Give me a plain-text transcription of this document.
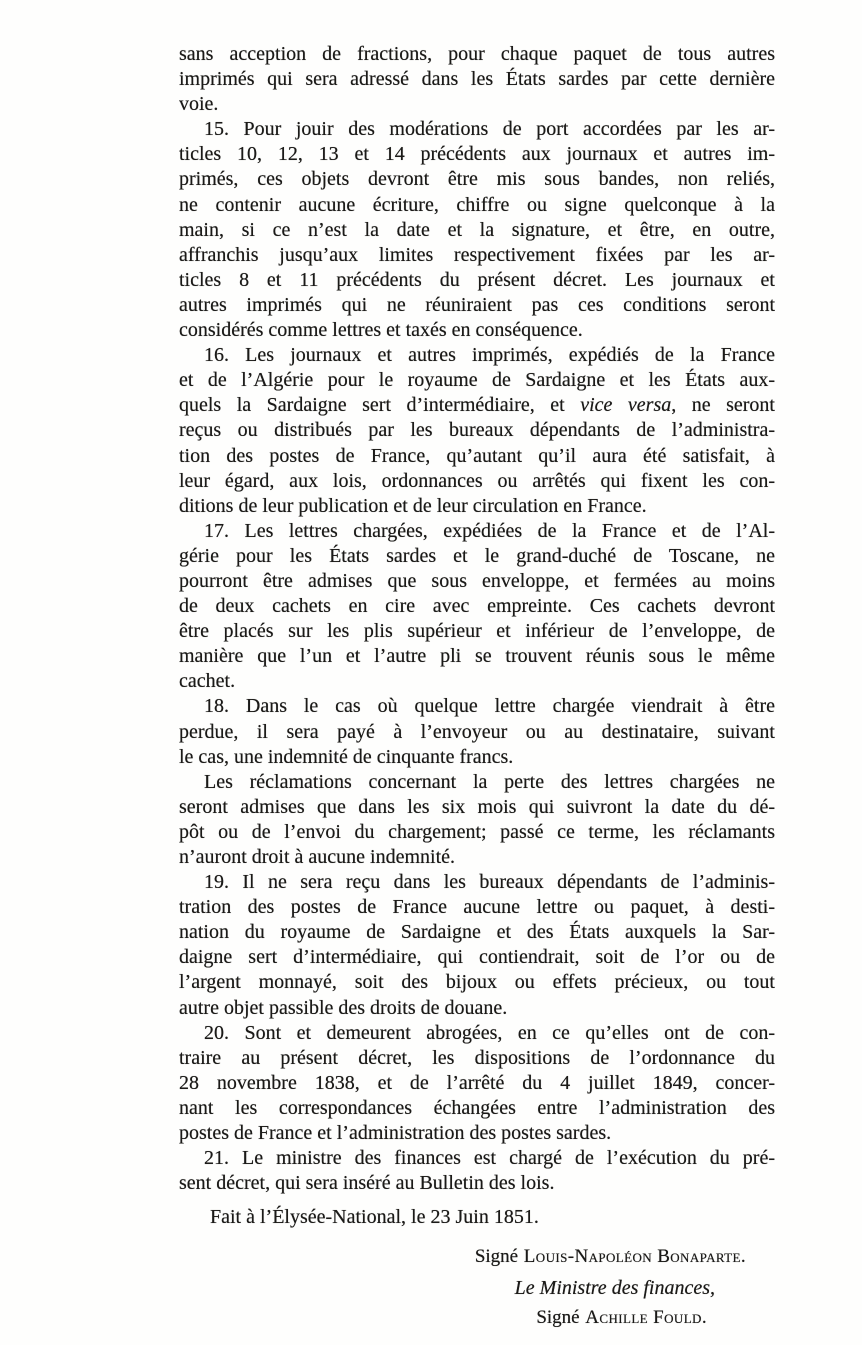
sans acception de fractions, pour chaque paquet de tous autres
imprimés qui sera adressé dans les États sardes par cette dernière
voie.
15. Pour jouir des modérations de port accordées par les ar-
ticles 10, 12, 13 et 14 précédents aux journaux et autres im-
primés, ces objets devront être mis sous bandes, non reliés,
ne contenir aucune écriture, chiffre ou signe quelconque à la
main, si ce n’est la date et la signature, et être, en outre,
affranchis jusqu’aux limites respectivement fixées par les ar-
ticles 8 et 11 précédents du présent décret. Les journaux et
autres imprimés qui ne réuniraient pas ces conditions seront
considérés comme lettres et taxés en conséquence.
16. Les journaux et autres imprimés, expédiés de la France
et de l’Algérie pour le royaume de Sardaigne et les États aux-
quels la Sardaigne sert d’intermédiaire, et vice versa, ne seront
reçus ou distribués par les bureaux dépendants de l’administra-
tion des postes de France, qu’autant qu’il aura été satisfait, à
leur égard, aux lois, ordonnances ou arrêtés qui fixent les con-
ditions de leur publication et de leur circulation en France.
17. Les lettres chargées, expédiées de la France et de l’Al-
gérie pour les États sardes et le grand-duché de Toscane, ne
pourront être admises que sous enveloppe, et fermées au moins
de deux cachets en cire avec empreinte. Ces cachets devront
être placés sur les plis supérieur et inférieur de l’enveloppe, de
manière que l’un et l’autre pli se trouvent réunis sous le même
cachet.
18. Dans le cas où quelque lettre chargée viendrait à être
perdue, il sera payé à l’envoyeur ou au destinataire, suivant
le cas, une indemnité de cinquante francs.
Les réclamations concernant la perte des lettres chargées ne
seront admises que dans les six mois qui suivront la date du dé-
pôt ou de l’envoi du chargement; passé ce terme, les réclamants
n’auront droit à aucune indemnité.
19. Il ne sera reçu dans les bureaux dépendants de l’adminis-
tration des postes de France aucune lettre ou paquet, à desti-
nation du royaume de Sardaigne et des États auxquels la Sar-
daigne sert d’intermédiaire, qui contiendrait, soit de l’or ou de
l’argent monnayé, soit des bijoux ou effets précieux, ou tout
autre objet passible des droits de douane.
20. Sont et demeurent abrogées, en ce qu’elles ont de con-
traire au présent décret, les dispositions de l’ordonnance du
28 novembre 1838, et de l’arrêté du 4 juillet 1849, concer-
nant les correspondances échangées entre l’administration des
postes de France et l’administration des postes sardes.
21. Le ministre des finances est chargé de l’exécution du pré-
sent décret, qui sera inséré au Bulletin des lois.
Fait à l’Élysée-National, le 23 Juin 1851.
Signé Louis-Napoléon Bonaparte.
Le Ministre des finances,
Signé Achille Fould.
